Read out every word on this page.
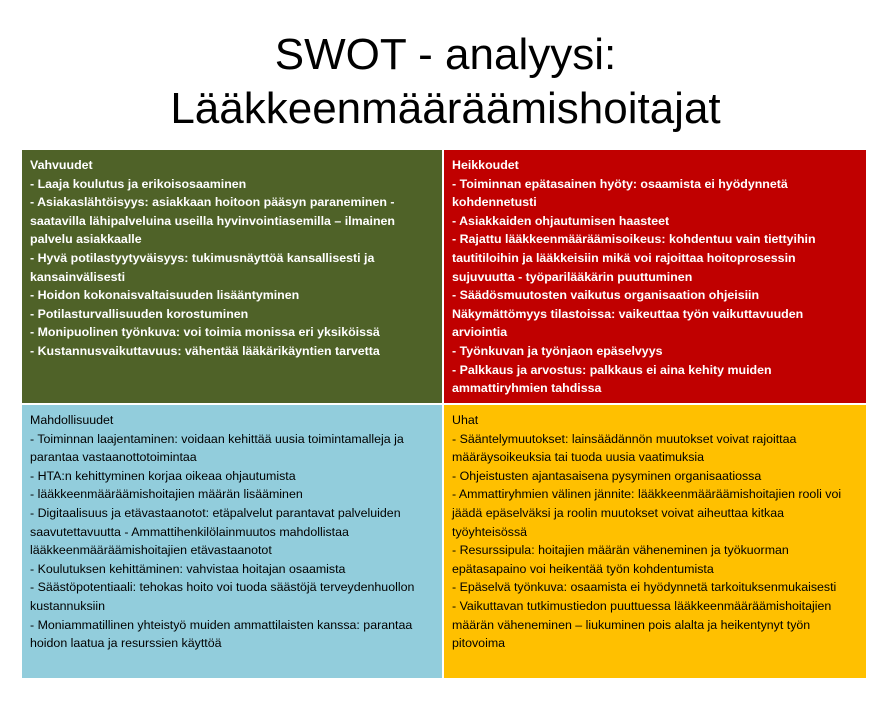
SWOT - analyysi:
Lääkkeenmääräämishoitajat
Vahvuudet
- Laaja koulutus ja erikoisosaaminen
- Asiakaslähtöisyys: asiakkaan hoitoon pääsyn paraneminen - saatavilla lähipalveluina useilla hyvinvointiasemilla – ilmainen palvelu asiakkaalle
- Hyvä potilastyytyväisyys: tukimusnäyttöä kansallisesti ja kansainvälisesti
- Hoidon kokonaisvaltaisuuden lisääntyminen
- Potilasturvallisuuden korostuminen
- Monipuolinen työnkuva: voi toimia monissa eri yksiköissä
- Kustannusvaikuttavuus: vähentää lääkärikäyntien tarvetta
Heikkoudet
- Toiminnan epätasainen hyöty: osaamista ei hyödynnetä kohdennetusti
- Asiakkaiden ohjautumisen haasteet
- Rajattu lääkkeenmääräämisoikeus: kohdentuu vain tiettyihin tautitiloihin ja lääkkeisiin mikä voi rajoittaa hoitoprosessin sujuvuutta - työparilääkärin puuttuminen
- Säädösmuutosten vaikutus organisaation ohjeisiin
Näkymättömyys tilastoissa: vaikeuttaa työn vaikuttavuuden arviointia
- Työnkuvan ja työnjaon epäselvyys
- Palkkaus ja arvostus: palkkaus ei aina kehity muiden ammattiryhmien tahdissa
Mahdollisuudet
- Toiminnan laajentaminen: voidaan kehittää uusia toimintamalleja ja parantaa vastaanottotoimintaa
- HTA:n kehittyminen korjaa oikeaa ohjautumista
- lääkkeenmääräämishoitajien määrän lisääminen
- Digitaalisuus ja etävastaanotot: etäpalvelut parantavat palveluiden saavutettavuutta - Ammattihenkilölainmuutos mahdollistaa lääkkeenmääräämishoitajien etävastaanotot
- Koulutuksen kehittäminen: vahvistaa hoitajan osaamista
- Säästöpotentiaali: tehokas hoito voi tuoda säästöjä terveydenhuollon kustannuksiin
- Moniammatillinen yhteistyö muiden ammattilaisten kanssa: parantaa hoidon laatua ja resurssien käyttöä
Uhat
- Sääntelymuutokset: lainsäädännön muutokset voivat rajoittaa määräysoikeuksia tai tuoda uusia vaatimuksia
- Ohjeistusten ajantasaisena pysyminen organisaatiossa
- Ammattiryhmien välinen jännite: lääkkeenmääräämishoitajien rooli voi jäädä epäselväksi ja roolin muutokset voivat aiheuttaa kitkaa työyhteisössä
- Resurssipula: hoitajien määrän väheneminen ja työkuorman epätasapaino voi heikentää työn kohdentumista
- Epäselvä työnkuva: osaamista ei hyödynnetä tarkoituksenmukaisesti
- Vaikuttavan tutkimustiedon puuttuessa lääkkeenmääräämishoitajien määrän väheneminen – liukuminen pois alalta ja heikentynyt työn pitovoima
